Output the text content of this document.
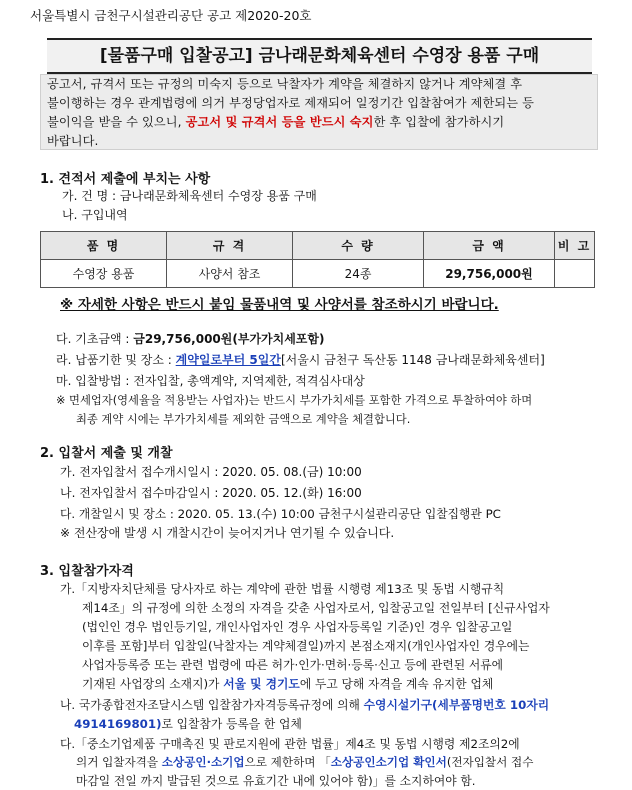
서울특별시 금천구시설관리공단 공고 제2020-20호
[물품구매 입찰공고] 금나래문화체육센터 수영장 용품 구매

공고서, 규격서 또는 규정의 미숙지 등으로 낙찰자가 계약을 체결하지 않거나 계약체결 후

불이행하는 경우 관계법령에 의거 부정당업자로 제재되어 일정기간 입찰참여가 제한되는 등

불이익을 받을 수 있으니, 공고서 및 규격서 등을 반드시 숙지한 후 입찰에 참가하시기

바랍니다.

1. 견적서 제출에 부치는 사항
가. 건 명 : 금나래문화체육센터 수영장 용품 구매
나. 구입내역
품 명	규 격	수 량	금 액	비 고
수영장 용품	사양서 참조	24종	29,756,000원	
※ 자세한 사항은 반드시 붙임 물품내역 및 사양서를 참조하시기 바랍니다.
다. 기초금액 : 금29,756,000원(부가가치세포함)
라. 납품기한 및 장소 : 계약일로부터 5일간[서울시 금천구 독산동 1148 금나래문화체육센터]
마. 입찰방법 : 전자입찰, 총액계약, 지역제한, 적격심사대상
※ 면세업자(영세율을 적용받는 사업자)는 반드시 부가가치세를 포함한 가격으로 투찰하여야 하며
최종 계약 시에는 부가가치세를 제외한 금액으로 계약을 체결합니다.
2. 입찰서 제출 및 개찰
가. 전자입찰서 접수개시일시 : 2020. 05. 08.(금) 10:00
나. 전자입찰서 접수마감일시 : 2020. 05. 12.(화) 16:00
다. 개찰일시 및 장소 : 2020. 05. 13.(수) 10:00 금천구시설관리공단 입찰집행관 PC
※ 전산장애 발생 시 개찰시간이 늦어지거나 연기될 수 있습니다.
3. 입찰참가자격
가.「지방자치단체를 당사자로 하는 계약에 관한 법률 시행령 제13조 및 동법 시행규칙
제14조」의 규정에 의한 소정의 자격을 갖춘 사업자로서, 입찰공고일 전일부터 [신규사업자
(법인인 경우 법인등기일, 개인사업자인 경우 사업자등록일 기준)인 경우 입찰공고일
이후를 포함]부터 입찰일(낙찰자는 계약체결일)까지 본점소재지(개인사업자인 경우에는
사업자등록증 또는 관련 법령에 따른 허가·인가·면허·등록·신고 등에 관련된 서류에
기재된 사업장의 소재지)가 서울 및 경기도에 두고 당해 자격을 계속 유지한 업체
나. 국가종합전자조달시스템 입찰참가자격등록규정에 의해 수영시설기구(세부품명번호 10자리
4914169801)로 입찰참가 등록을 한 업체
다.「중소기업제품 구매촉진 및 판로지원에 관한 법률」제4조 및 동법 시행령 제2조의2에
의거 입찰자격을 소상공인·소기업으로 제한하며 「소상공인소기업 확인서(전자입찰서 접수
마감일 전일 까지 발급된 것으로 유효기간 내에 있어야 함)」를 소지하여야 함.
